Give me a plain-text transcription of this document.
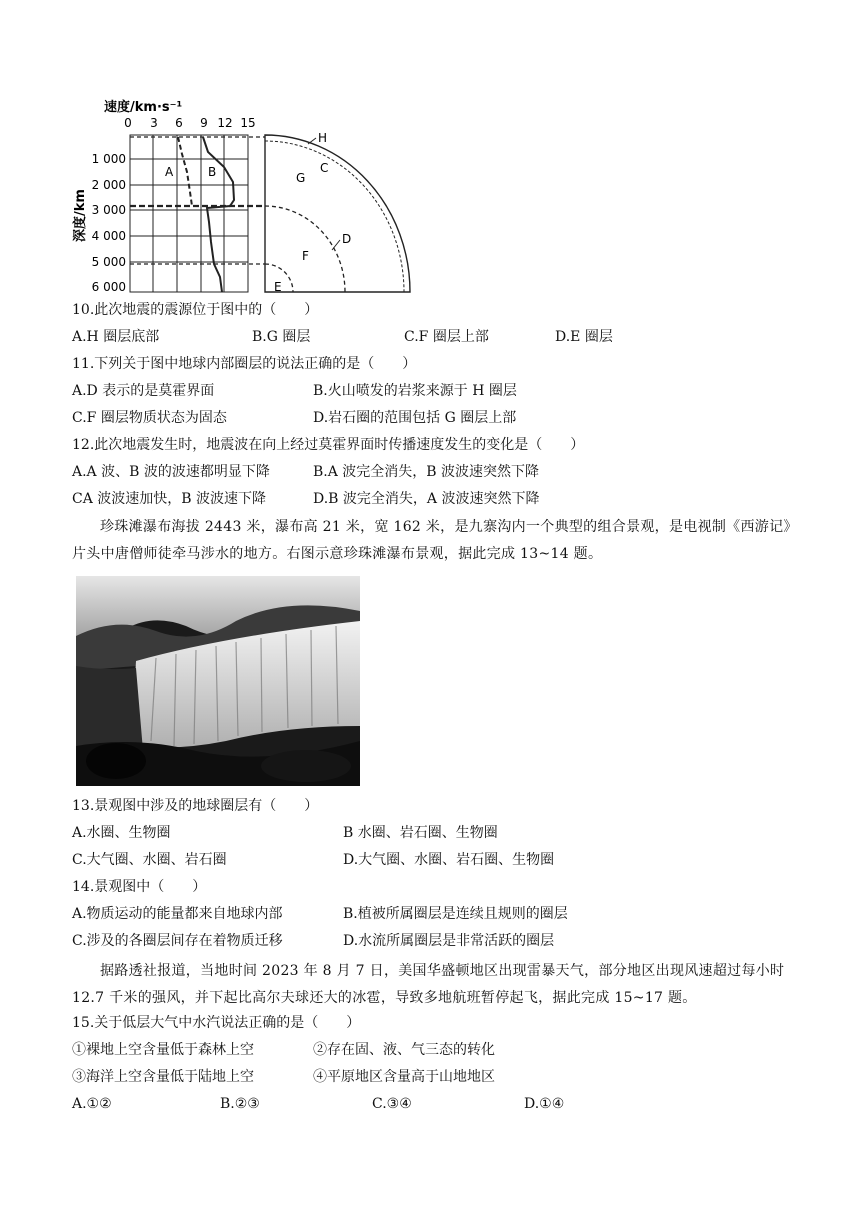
速度/km·s⁻¹
深度/km
0 3 6 9 12 15
1 000
2 000
3 000
4 000
5 000
6 000
A	B
H
C
G
D
F
E
10.此次地震的震源位于图中的（　　）
A.H 圈层底部	B.G 圈层	C.F 圈层上部	D.E 圈层
11.下列关于图中地球内部圈层的说法正确的是（　　）
A.D 表示的是莫霍界面	B.火山喷发的岩浆来源于 H 圈层
C.F 圈层物质状态为固态	D.岩石圈的范围包括 G 圈层上部
12.此次地震发生时，地震波在向上经过莫霍界面时传播速度发生的变化是（　　）
A.A 波、B 波的波速都明显下降	B.A 波完全消失，B 波波速突然下降
CA 波波速加快，B 波波速下降	D.B 波完全消失，A 波波速突然下降
珍珠滩瀑布海拔 2443 米，瀑布高 21 米，宽 162 米，是九寨沟内一个典型的组合景观，是电视制《西游记》片头中唐僧师徒牵马涉水的地方。右图示意珍珠滩瀑布景观，据此完成 13~14 题。
13.景观图中涉及的地球圈层有（　　）
A.水圈、生物圈	B 水圈、岩石圈、生物圈
C.大气圈、水圈、岩石圈	D.大气圈、水圈、岩石圈、生物圈
14.景观图中（　　）
A.物质运动的能量都来自地球内部	B.植被所属圈层是连续且规则的圈层
C.涉及的各圈层间存在着物质迁移	D.水流所属圈层是非常活跃的圈层
据路透社报道，当地时间 2023 年 8 月 7 日，美国华盛顿地区出现雷暴天气，部分地区出现风速超过每小时 12.7 千米的强风，并下起比高尔夫球还大的冰雹，导致多地航班暂停起飞，据此完成 15~17 题。
15.关于低层大气中水汽说法正确的是（　　）
①裸地上空含量低于森林上空	②存在固、液、气三态的转化
③海洋上空含量低于陆地上空	④平原地区含量高于山地地区
A.①②	B.②③	C.③④	D.①④
